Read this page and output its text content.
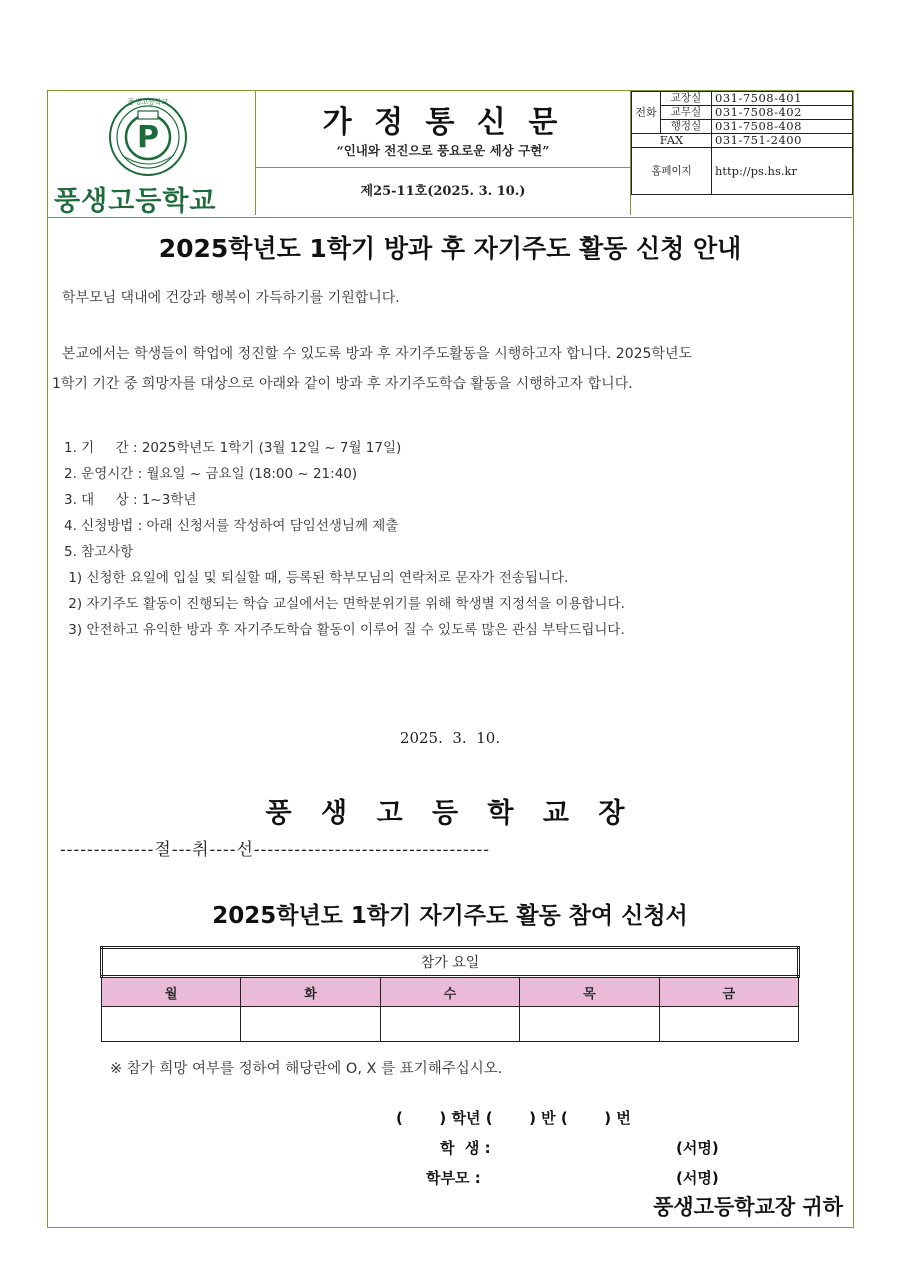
P
풍생고등학교
풍생고등학교
가 정 통 신 문
“인내와 전진으로 풍요로운 세상 구현”
제25-11호(2025. 3. 10.)
전화	교장실	031-7508-401
	교무실	031-7508-402
	행정실	031-7508-408
FAX		031-751-2400
홈페이지		http://ps.hs.kr
2025학년도 1학기 방과 후 자기주도 활동 신청 안내
학부모님 댁내에 건강과 행복이 가득하기를 기원합니다.
본교에서는 학생들이 학업에 정진할 수 있도록 방과 후 자기주도활동을 시행하고자 합니다. 2025학년도
1학기 기간 중 희망자를 대상으로 아래와 같이 방과 후 자기주도학습 활동을 시행하고자 합니다.
1. 기     간 : 2025학년도 1학기 (3월 12일 ~ 7월 17일)
2. 운영시간 : 월요일 ~ 금요일 (18:00 ~ 21:40)
3. 대     상 : 1~3학년
4. 신청방법 : 아래 신청서를 작성하여 담임선생님께 제출
5. 참고사항
1) 신청한 요일에 입실 및 퇴실할 때, 등록된 학부모님의 연락처로 문자가 전송됩니다.
2) 자기주도 활동이 진행되는 학습 교실에서는 면학분위기를 위해 학생별 지정석을 이용합니다.
3) 안전하고 유익한 방과 후 자기주도학습 활동이 이루어 질 수 있도록 많은 관심 부탁드립니다.
2025.  3.  10.
풍 생 고 등 학 교 장
--------------절---취----선-----------------------------------
2025학년도 1학기 자기주도 활동 참여 신청서
참가 요일				
월	화	수	목	금

※ 참가 희망 여부를 정하여 해당란에 O, X 를 표기해주십시오.
(       ) 학년 (       ) 반 (       ) 번
학  생 :	(서명)
학부모 :	(서명)
풍생고등학교장 귀하
